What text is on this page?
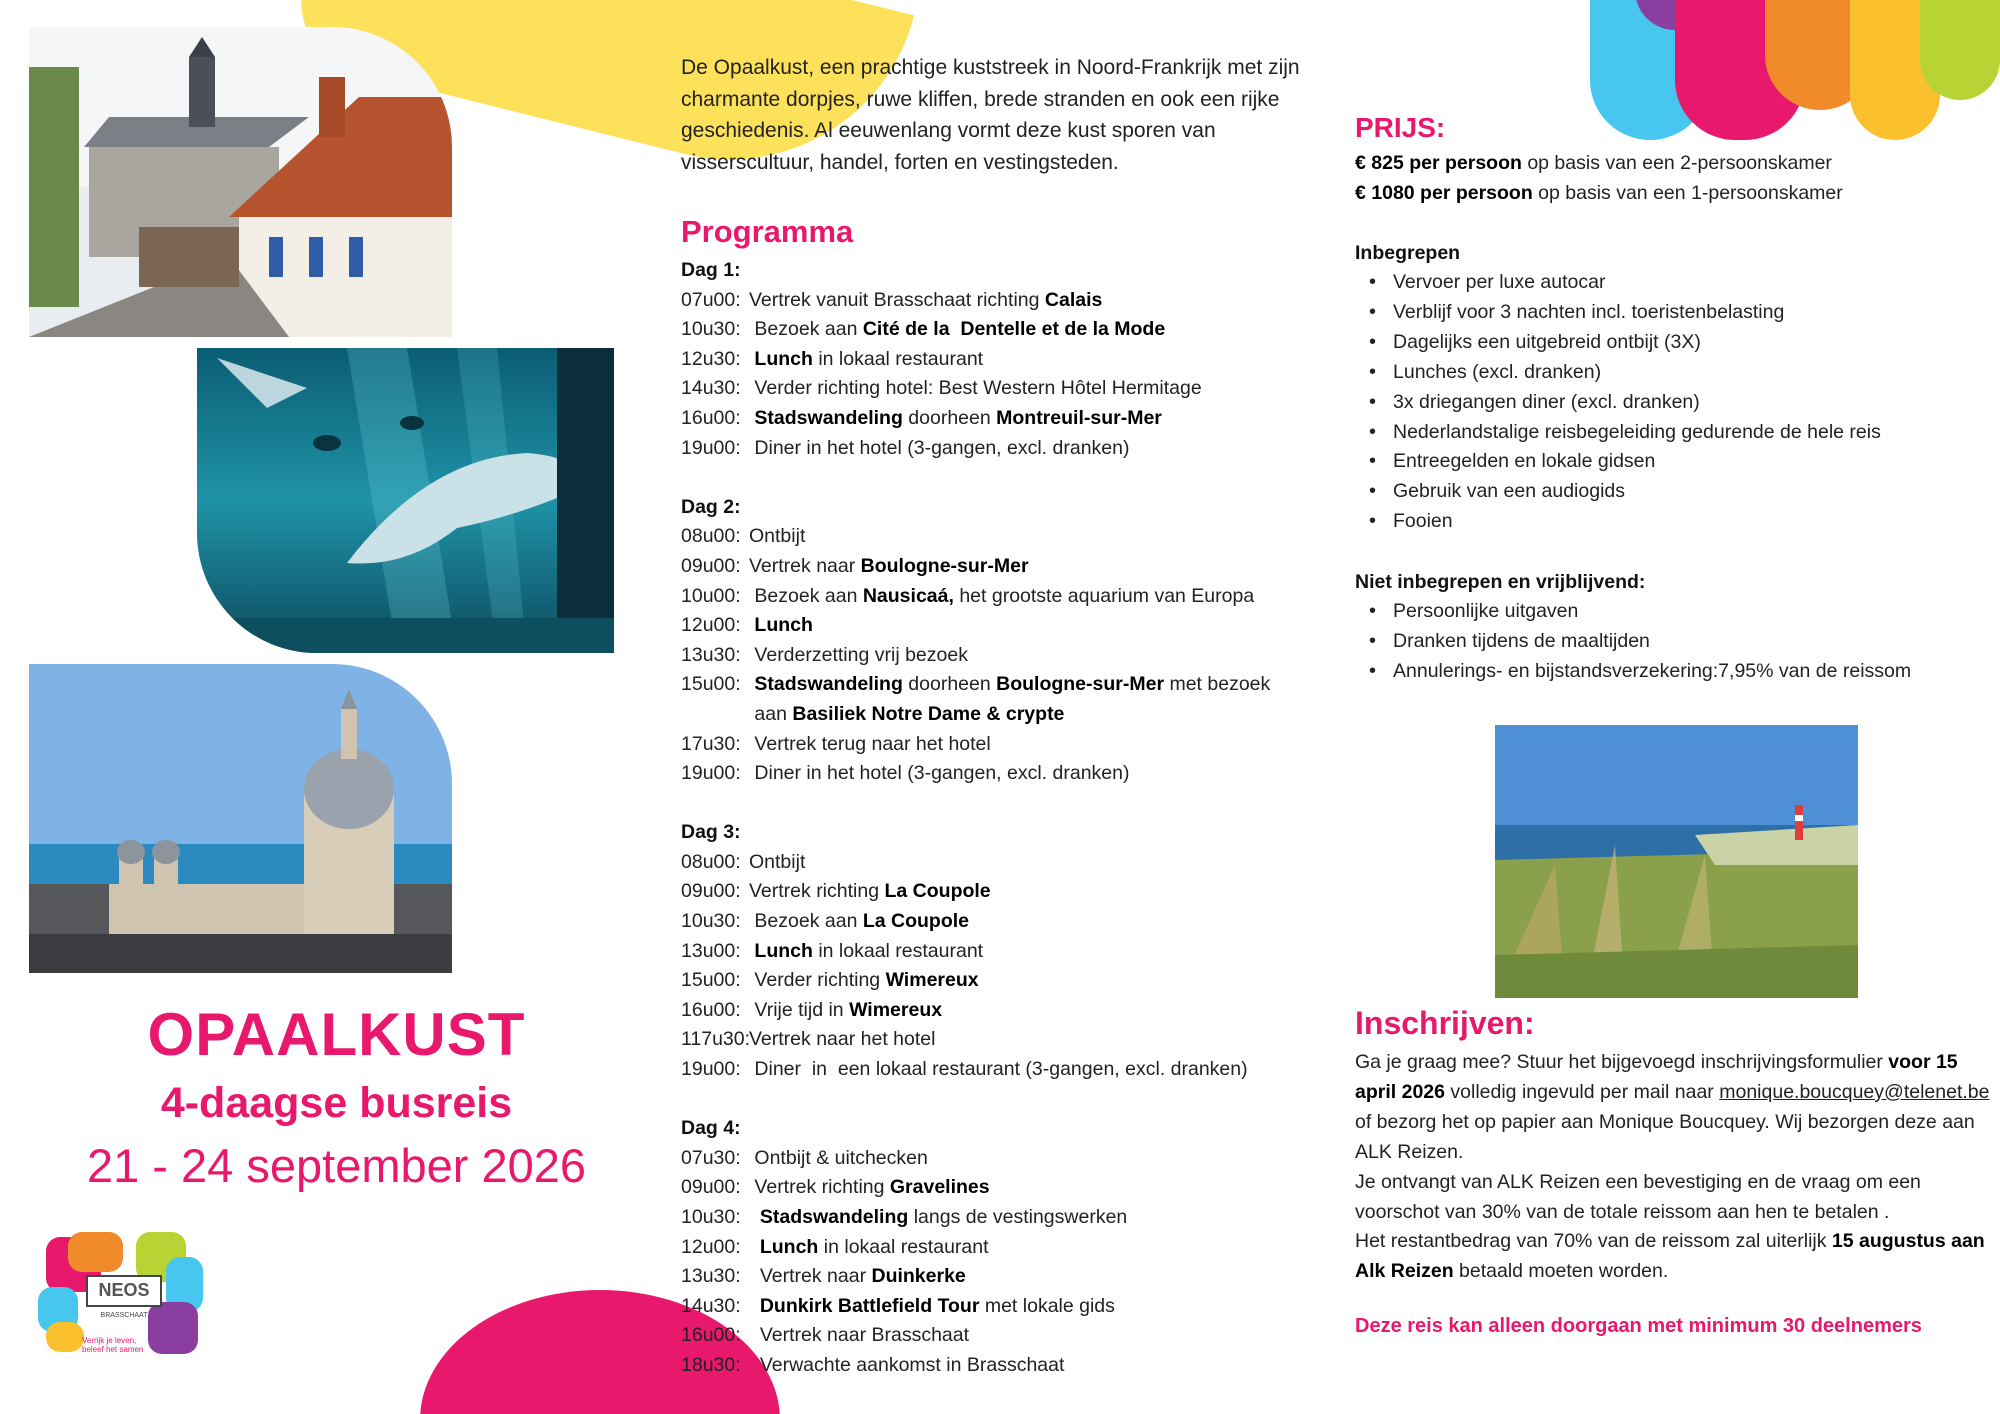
OPAALKUST
4-daagse busreis
21 - 24 september 2026
NEOS
BRASSCHAAT
Verrijk je leven,
beleef het samen

De Opaalkust, een prachtige kuststreek in Noord-Frankrijk met zijn charmante dorpjes, ruwe kliffen, brede stranden en ook een rijke geschiedenis. Al eeuwenlang vormt deze kust sporen van visserscultuur, handel, forten en vestingsteden.

Programma
Dag 1:
07u00: Vertrek vanuit Brasschaat richting Calais
10u30: Bezoek aan Cité de la  Dentelle et de la Mode
12u30: Lunch in lokaal restaurant
14u30: Verder richting hotel: Best Western Hôtel Hermitage
16u00: Stadswandeling doorheen Montreuil-sur-Mer
19u00: Diner in het hotel (3-gangen, excl. dranken)
Dag 2:
08u00: Ontbijt
09u00: Vertrek naar Boulogne-sur-Mer
10u00: Bezoek aan Nausicaá, het grootste aquarium van Europa
12u00: Lunch
13u30: Verderzetting vrij bezoek
15u00: Stadswandeling doorheen Boulogne-sur-Mer met bezoek
aan Basiliek Notre Dame & crypte
17u30: Vertrek terug naar het hotel
19u00: Diner in het hotel (3-gangen, excl. dranken)
Dag 3:
08u00: Ontbijt
09u00: Vertrek richting La Coupole
10u30: Bezoek aan La Coupole
13u00: Lunch in lokaal restaurant
15u00: Verder richting Wimereux
16u00: Vrije tijd in Wimereux
117u30:
Vertrek naar het hotel
19u00: Diner  in  een lokaal restaurant (3-gangen, excl. dranken)
Dag 4:
07u30: Ontbijt & uitchecken
09u00: Vertrek richting Gravelines
10u30: Stadswandeling langs de vestingswerken
12u00: Lunch in lokaal restaurant
13u30: Vertrek naar Duinkerke
14u30: Dunkirk Battlefield Tour met lokale gids
16u00: Vertrek naar Brasschaat
18u30: Verwachte aankomst in Brasschaat
PRIJS:
€ 825 per persoon op basis van een 2-persoonskamer
€ 1080 per persoon op basis van een 1-persoonskamer
Inbegrepen
• Vervoer per luxe autocar
• Verblijf voor 3 nachten incl. toeristenbelasting
• Dagelijks een uitgebreid ontbijt (3X)
• Lunches (excl. dranken)
• 3x driegangen diner (excl. dranken)
• Nederlandstalige reisbegeleiding gedurende de hele reis
• Entreegelden en lokale gidsen
• Gebruik van een audiogids
• Fooien
Niet inbegrepen en vrijblijvend:
• Persoonlijke uitgaven
• Dranken tijdens de maaltijden
• Annulerings- en bijstandsverzekering:7,95% van de reissom
Inschrijven:

Ga je graag mee? Stuur het bijgevoegd inschrijvingsformulier voor 15 april 2026 volledig ingevuld per mail naar monique.boucquey@telenet.be of bezorg het op papier aan Monique Boucquey. Wij bezorgen deze aan ALK Reizen.

Je ontvangt van ALK Reizen een bevestiging en de vraag om een voorschot van 30% van de totale reissom aan hen te betalen .

Het restantbedrag van 70% van de reissom zal uiterlijk 15 augustus aan Alk Reizen betaald moeten worden.

Deze reis kan alleen doorgaan met minimum 30 deelnemers
